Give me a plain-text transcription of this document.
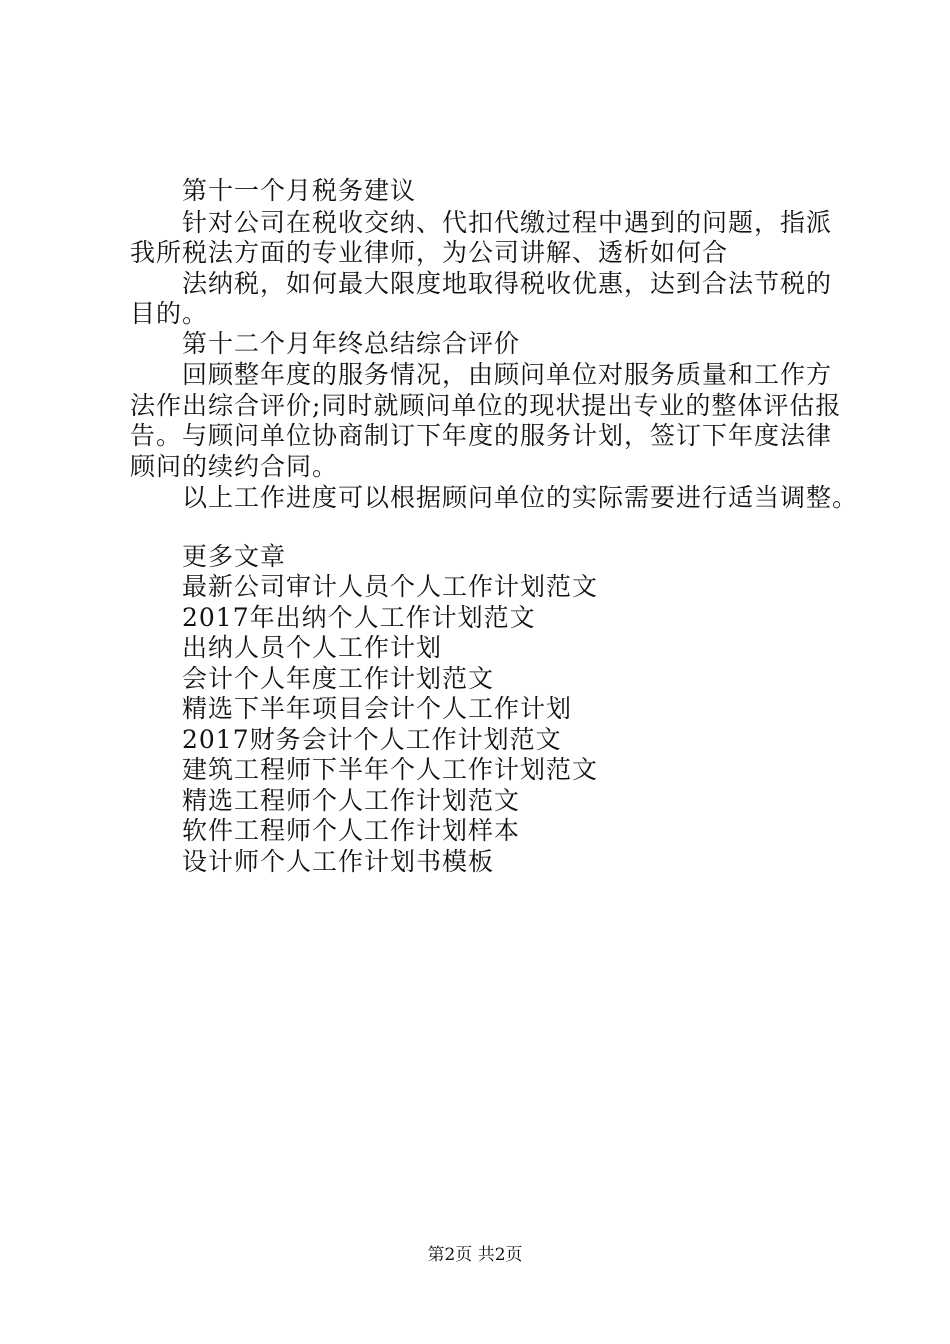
第十一个月税务建议
针对公司在税收交纳、代扣代缴过程中遇到的问题，指派
我所税法方面的专业律师，为公司讲解、透析如何合
法纳税，如何最大限度地取得税收优惠，达到合法节税的
目的。
第十二个月年终总结综合评价
回顾整年度的服务情况，由顾问单位对服务质量和工作方
法作出综合评价;同时就顾问单位的现状提出专业的整体评估报
告。与顾问单位协商制订下年度的服务计划，签订下年度法律
顾问的续约合同。
以上工作进度可以根据顾问单位的实际需要进行适当调整。
更多文章
最新公司审计人员个人工作计划范文
2017年出纳个人工作计划范文
出纳人员个人工作计划
会计个人年度工作计划范文
精选下半年项目会计个人工作计划
2017财务会计个人工作计划范文
建筑工程师下半年个人工作计划范文
精选工程师个人工作计划范文
软件工程师个人工作计划样本
设计师个人工作计划书模板
第2页 共2页
